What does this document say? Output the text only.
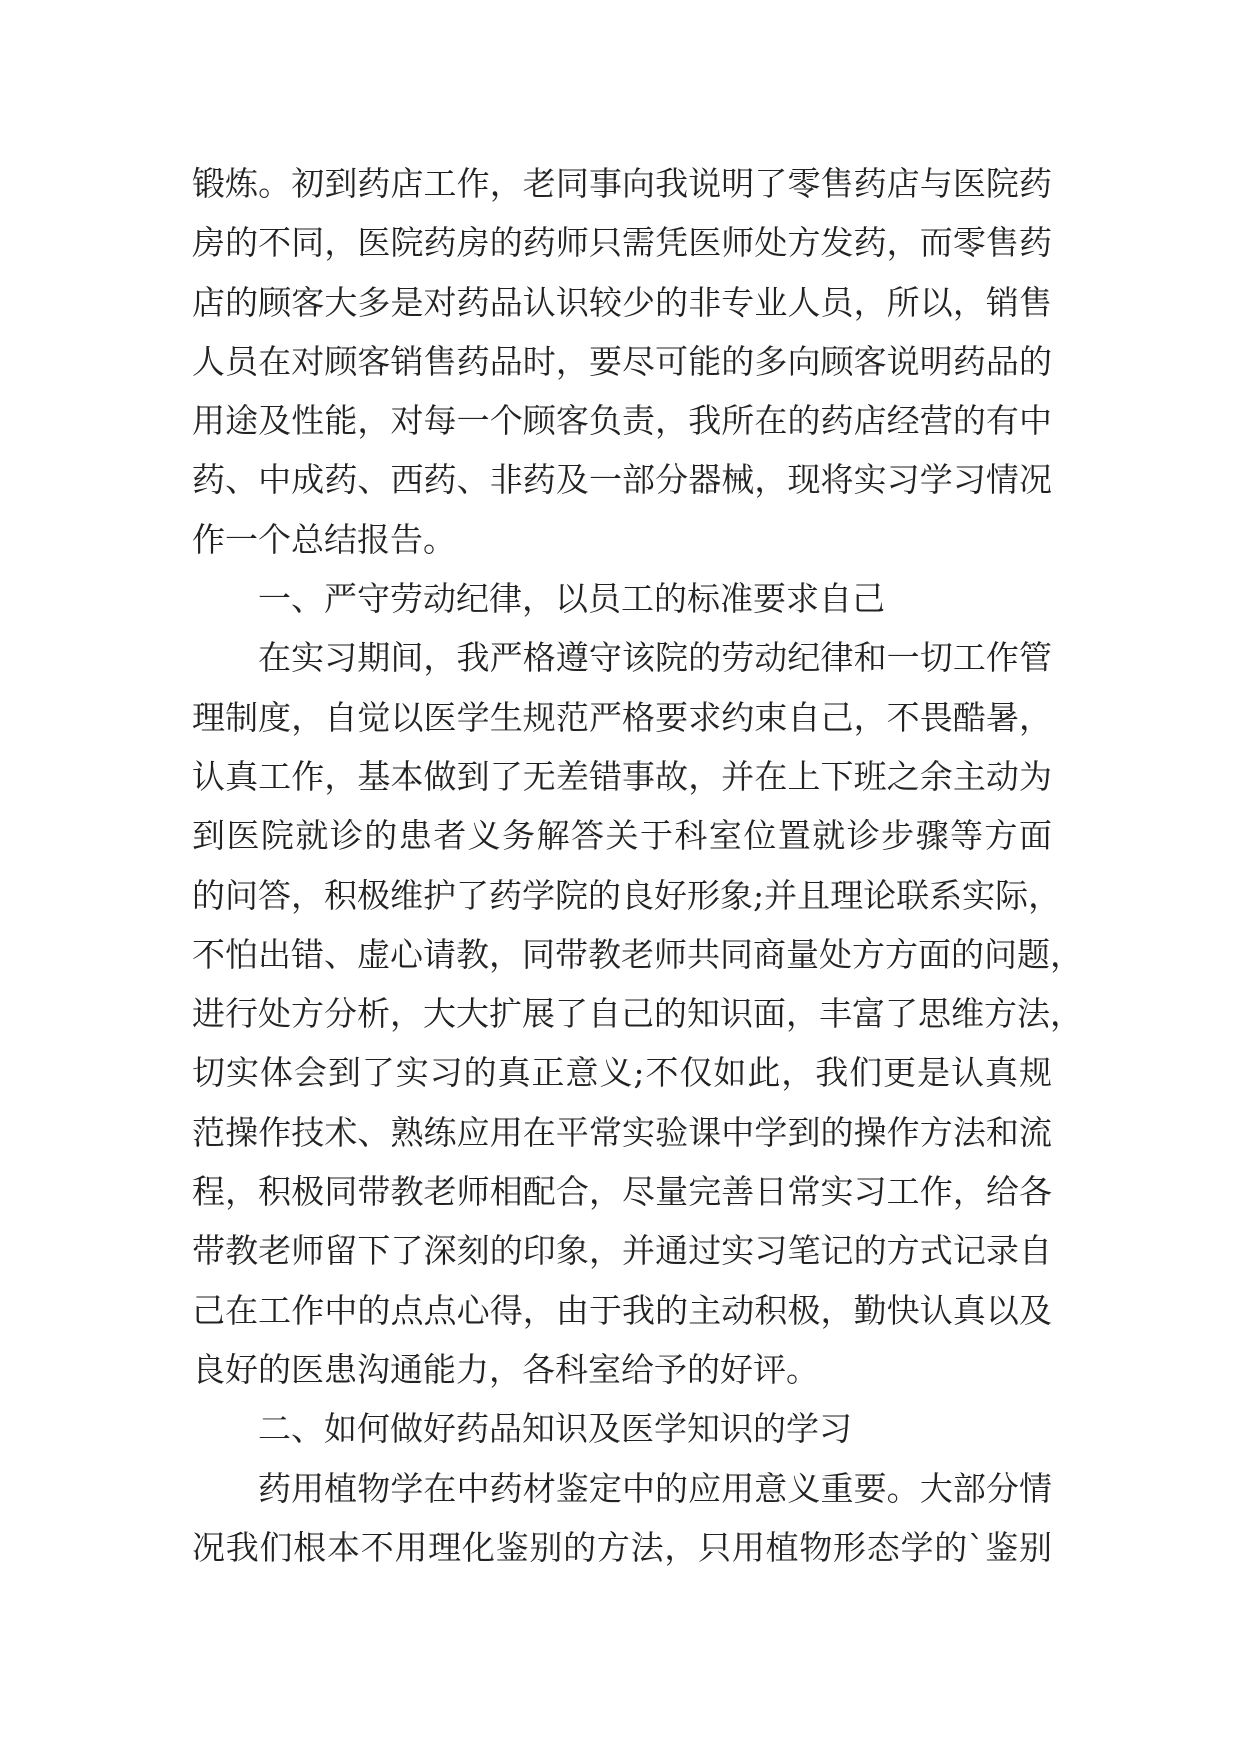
锻炼。初到药店工作，老同事向我说明了零售药店与医院药
房的不同，医院药房的药师只需凭医师处方发药，而零售药
店的顾客大多是对药品认识较少的非专业人员，所以，销售
人员在对顾客销售药品时，要尽可能的多向顾客说明药品的
用途及性能，对每一个顾客负责，我所在的药店经营的有中
药、中成药、西药、非药及一部分器械，现将实习学习情况
作一个总结报告。
一、严守劳动纪律，以员工的标准要求自己
在实习期间，我严格遵守该院的劳动纪律和一切工作管
理制度，自觉以医学生规范严格要求约束自己，不畏酷暑，
认真工作，基本做到了无差错事故，并在上下班之余主动为
到医院就诊的患者义务解答关于科室位置就诊步骤等方面
的问答，积极维护了药学院的良好形象;并且理论联系实际，
不怕出错、虚心请教，同带教老师共同商量处方方面的问题，
进行处方分析，大大扩展了自己的知识面，丰富了思维方法，
切实体会到了实习的真正意义;不仅如此，我们更是认真规
范操作技术、熟练应用在平常实验课中学到的操作方法和流
程，积极同带教老师相配合，尽量完善日常实习工作，给各
带教老师留下了深刻的印象，并通过实习笔记的方式记录自
己在工作中的点点心得，由于我的主动积极，勤快认真以及
良好的医患沟通能力，各科室给予的好评。
二、如何做好药品知识及医学知识的学习
药用植物学在中药材鉴定中的应用意义重要。大部分情
况我们根本不用理化鉴别的方法，只用植物形态学的`鉴别
